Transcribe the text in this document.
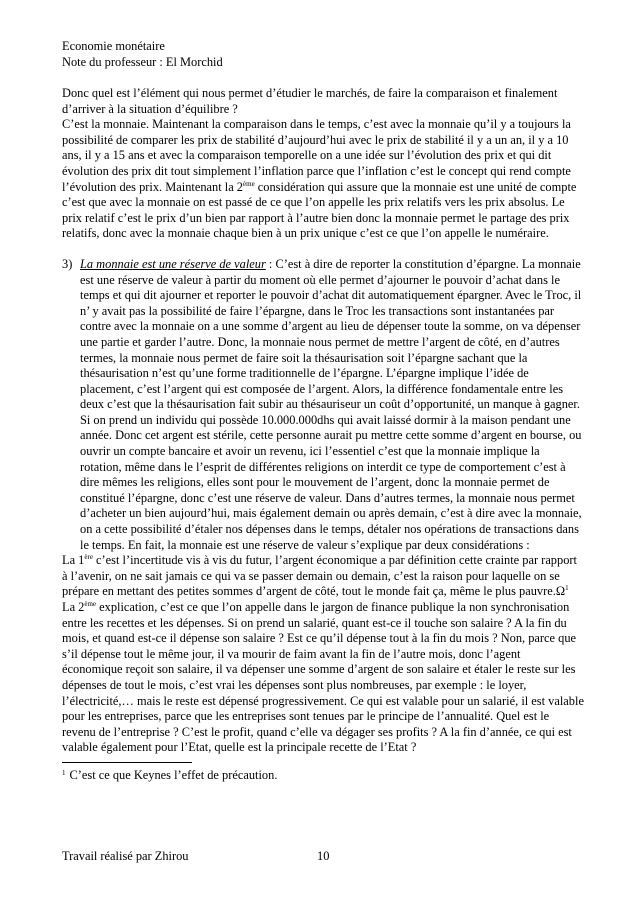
Economie monétaire

Note du professeur : El Morchid

Donc quel est l’élément qui nous permet d’étudier le marchés, de faire la comparaison et finalement d’arriver à la situation d’équilibre ?

C’est la monnaie. Maintenant la comparaison dans le temps, c’est avec la monnaie qu’il y a toujours la possibilité de comparer les prix de stabilité d’aujourd’hui avec le prix de stabilité il y a un an, il y a 10 ans, il y a 15 ans et avec la comparaison temporelle on a une idée sur l’évolution des prix et qui dit évolution des prix dit tout simplement l’inflation parce que l’inflation c’est le concept qui rend compte l’évolution des prix. Maintenant la 2ème considération qui assure que la monnaie est une unité de compte c’est que avec la monnaie on est passé de ce que l’on appelle les prix relatifs vers les prix absolus. Le prix relatif c’est le prix d’un bien par rapport à l’autre bien donc la monnaie permet le partage des prix relatifs, donc avec la monnaie chaque bien à un prix unique c’est ce que l’on appelle le numéraire.

3) La monnaie est une réserve de valeur : C’est à dire de reporter la constitution d’épargne. La monnaie est une réserve de valeur à partir du moment où elle permet d’ajourner le pouvoir d’achat dans le temps et qui dit ajourner et reporter le pouvoir d’achat dit automatiquement épargner. Avec le Troc, il n’ y avait pas la possibilité de faire l’épargne, dans le Troc les transactions sont instantanées par contre avec la monnaie on a une somme d’argent au lieu de dépenser toute la somme, on va dépenser une partie et garder l’autre. Donc, la monnaie nous permet de mettre l’argent de côté, en d’autres termes, la monnaie nous permet de faire soit la thésaurisation soit l’épargne sachant que la thésaurisation n’est qu’une forme traditionnelle de l’épargne. L’épargne implique l’idée de placement, c’est l’argent qui est composée de l’argent. Alors, la différence fondamentale entre les deux c’est que la thésaurisation fait subir au thésauriseur un coût d’opportunité, un manque à gagner. Si on prend un individu qui possède 10.000.000dhs qui avait laissé dormir à la maison pendant une année. Donc cet argent est stérile, cette personne aurait pu mettre cette somme d’argent en bourse, ou ouvrir un compte bancaire et avoir un revenu, ici l’essentiel c’est que la monnaie implique la rotation, même dans le l’esprit de différentes religions on interdit ce type de comportement c’est à dire mêmes les religions, elles sont pour le mouvement de l’argent, donc la monnaie permet de constitué l’épargne, donc c’est une réserve de valeur. Dans d’autres termes, la monnaie nous permet d’acheter un bien aujourd’hui, mais également demain ou après demain, c’est à dire avec la monnaie, on a cette possibilité d’étaler nos dépenses dans le temps, détaler nos opérations de transactions dans le temps. En fait, la monnaie est une réserve de valeur s’explique par deux considérations :

La 1ère c’est l’incertitude vis à vis du futur, l’argent économique a par définition cette crainte par rapport à l’avenir, on ne sait jamais ce qui va se passer demain ou demain, c’est la raison pour laquelle on se prépare en mettant des petites sommes d’argent de côté, tout le monde fait ça, même le plus $pauvre.\Omega^1$

La 2ème explication, c’est ce que l’on appelle dans le jargon de finance publique la non synchronisation entre les recettes et les dépenses. Si on prend un salarié, quant est-ce il touche son salaire ? A la fin du mois, et quand est-ce il dépense son salaire ? Est ce qu’il dépense tout à la fin du mois ? Non, parce que s’il dépense tout le même jour, il va mourir de faim avant la fin de l’autre mois, donc l’agent économique reçoit son salaire, il va dépenser une somme d’argent de son salaire et étaler le reste sur les dépenses de tout le mois, c’est vrai les dépenses sont plus nombreuses, par exemple : le loyer, l’électricité,… mais le reste est dépensé progressivement. Ce qui est valable pour un salarié, il est valable pour les entreprises, parce que les entreprises sont tenues par le principe de l’annualité. Quel est le revenu de l’entreprise ? C’est le profit, quand c’elle va dégager ses profits ? A la fin d’année, ce qui est valable également pour l’Etat, quelle est la principale recette de l’Etat ?

$^1$ C’est ce que Keynes l’effet de précaution.

Travail réalisé par Zhirou	10
